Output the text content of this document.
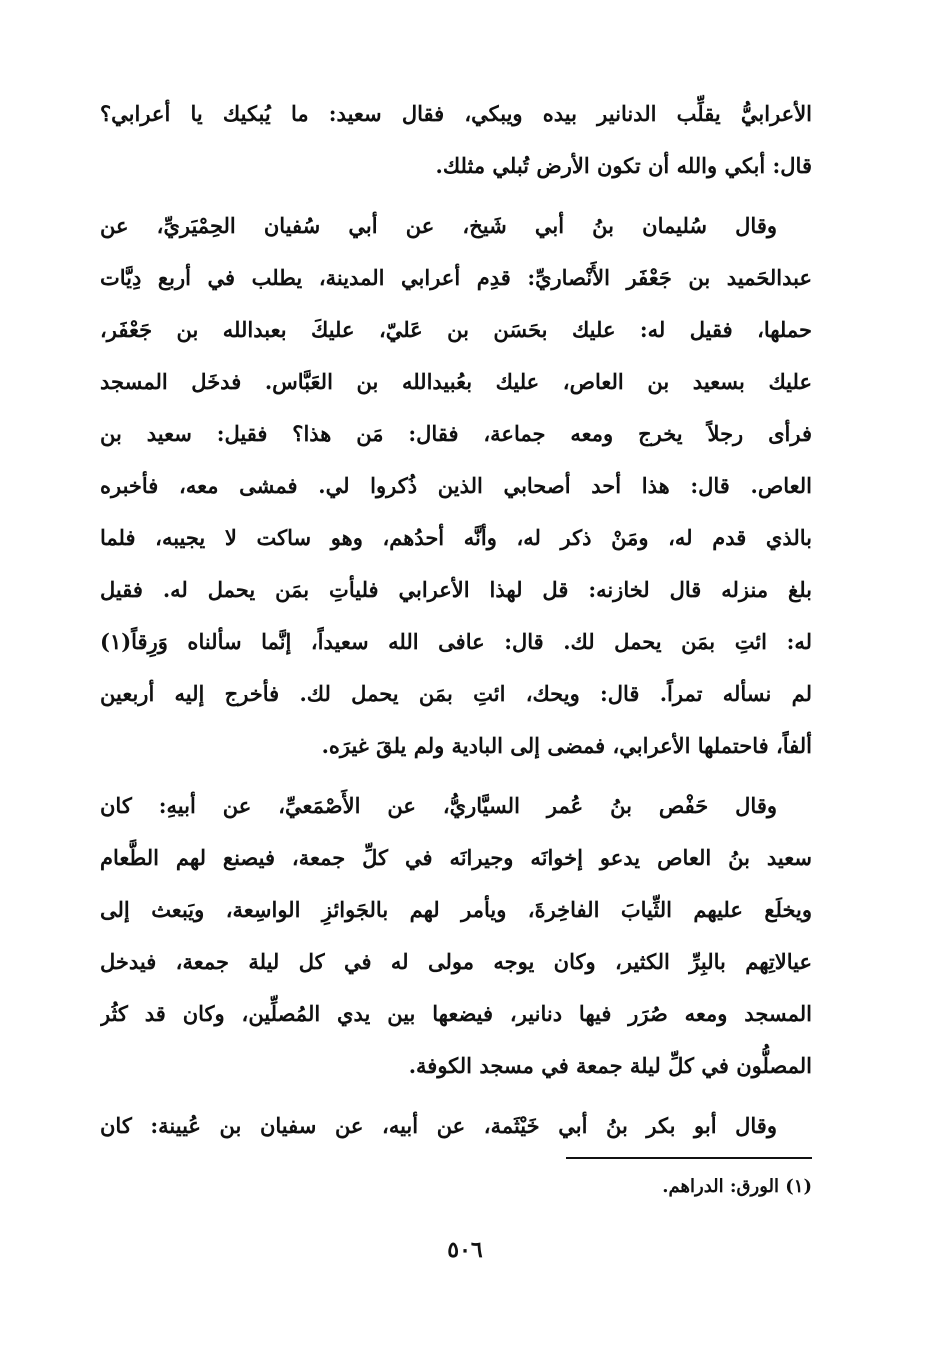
الأعرابيُّ يقلِّب الدنانير بيده ويبكي، فقال سعيد: ما يُبكيك يا أعرابي؟
قال: أبكي والله أن تكون الأرض تُبلي مثلك.
وقال سُليمان بنُ أبي شَيخ، عن أبي سُفيان الحِمْيَريِّ، عن
عبدالحَميد بن جَعْفَر الأَنْصاريِّ: قدِم أعرابي المدينة، يطلب في أربع دِيَّات
حملها، فقيل له: عليك بحَسَن بن عَليّ، عليكَ بعبدالله بن جَعْفَر،
عليك بسعيد بن العاص، عليك بعُبيدالله بن العَبَّاس. فدخَل المسجد
فرأى رجلاً يخرج ومعه جماعة، فقال: مَن هذا؟ فقيل: سعيد بن
العاص. قال: هذا أحد أصحابي الذين ذُكروا لي. فمشى معه، فأخبره
بالذي قدم له، ومَنْ ذكر له، وأنَّه أحدُهم، وهو ساكت لا يجيبه، فلما
بلغ منزله قال لخازنه: قل لهذا الأعرابي فليأتِ بمَن يحمل له. فقيل
له: ائتِ بمَن يحمل لك. قال: عافى الله سعيداً، إنَّما سألناه وَرِقاً(١)
لم نسأله تمراً. قال: ويحك، ائتِ بمَن يحمل لك. فأخرج إليه أربعين
ألفاً، فاحتملها الأعرابي، فمضى إلى البادية ولم يلقَ غيرَه.
وقال حَفْص بنُ عُمر السيَّاريُّ، عن الأَصْمَعيِّ، عن أبيهِ: كان
سعيد بنُ العاص يدعو إخوانَه وجيرانَه في كلِّ جمعة، فيصنع لهم الطَّعام
ويخلَع عليهم الثِّيابَ الفاخِرةَ، ويأمر لهم بالجَوائزِ الواسِعة، ويَبعث إلى
عيالاتِهم بالبِرِّ الكثير، وكان يوجه مولى له في كل ليلة جمعة، فيدخل
المسجد ومعه صُرَر فيها دنانير، فيضعها بين يدي المُصلِّين، وكان قد كثُر
المصلُّون في كلِّ ليلة جمعة في مسجد الكوفة.
وقال أبو بكر بنُ أبي خَيْثَمة، عن أبيه، عن سفيان بن عُيينة: كان
(١) الورق: الدراهم.
٥٠٦
